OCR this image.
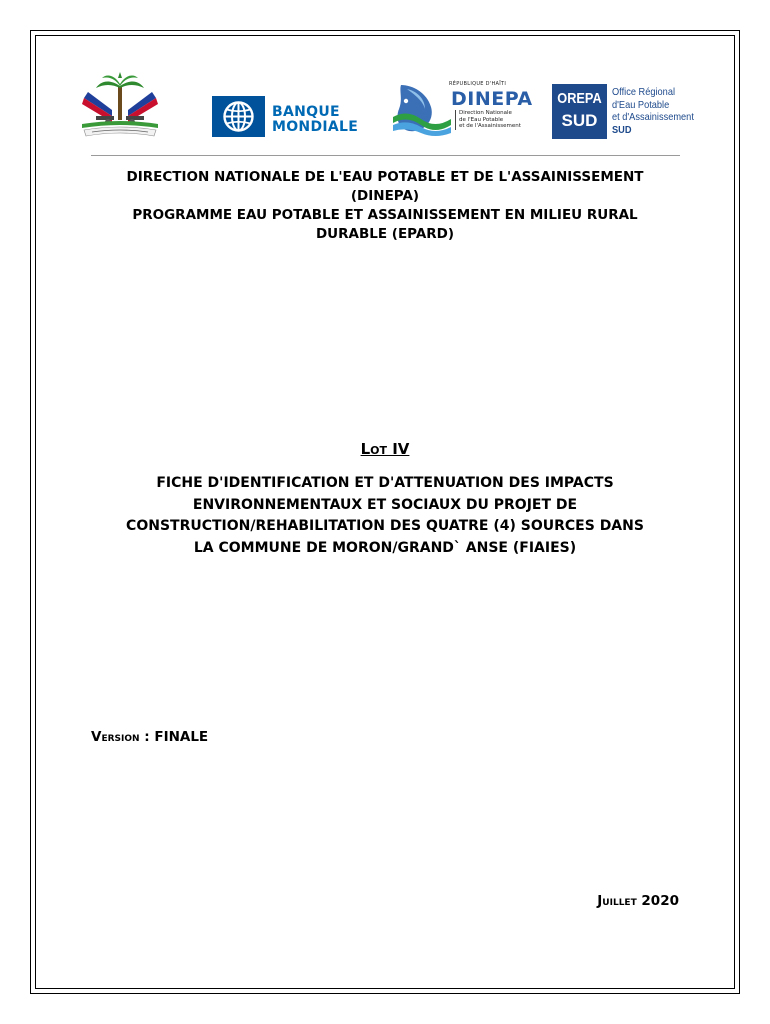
BANQUE
MONDIALE
RÉPUBLIQUE D'HAÏTI
DINEPA
Direction Nationale
de l'Eau Potable
et de l'Assainissement
OREPA
SUD
Office Régional
d'Eau Potable
et d'Assainissement
SUD
DIRECTION NATIONALE DE L'EAU POTABLE ET DE L'ASSAINISSEMENT
(DINEPA)
PROGRAMME EAU POTABLE ET ASSAINISSEMENT EN MILIEU RURAL
DURABLE (EPARD)
Lot IV
FICHE D'IDENTIFICATION ET D'ATTENUATION DES IMPACTS
ENVIRONNEMENTAUX ET SOCIAUX DU PROJET DE
CONSTRUCTION/REHABILITATION DES QUATRE (4) SOURCES DANS
LA COMMUNE DE MORON/GRAND` ANSE (FIAIES)
Version : FINALE
Juillet 2020
